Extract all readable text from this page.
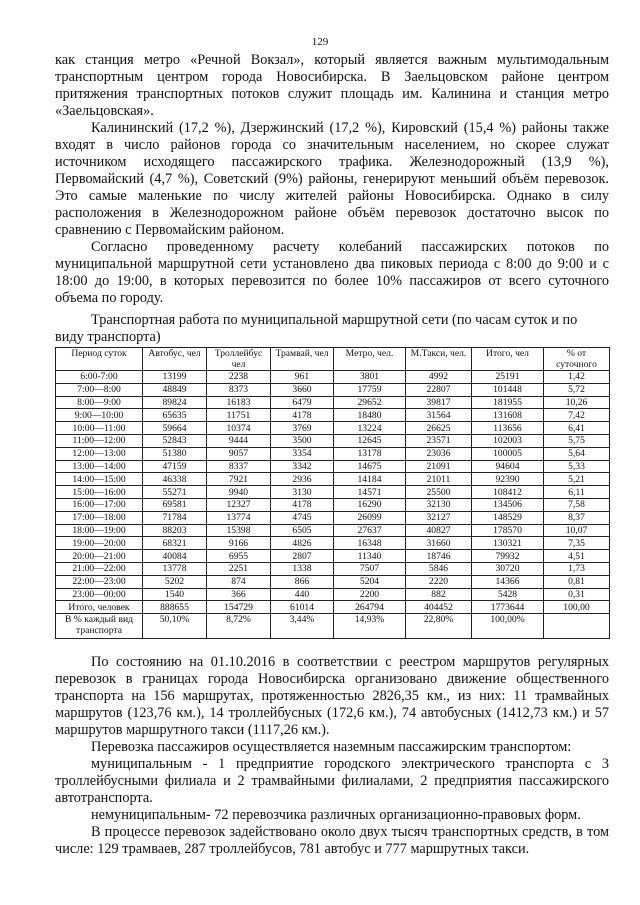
129

как станция метро «Речной Вокзал», который является важным мультимодальным транспортным центром города Новосибирска. В Заельцовском районе центром притяжения транспортных потоков служит площадь им. Калинина и станция метро «Заельцовская».

Калининский (17,2 %), Дзержинский (17,2 %), Кировский (15,4 %) районы также входят в число районов города со значительным населением, но скорее служат источником исходящего пассажирского трафика. Железнодорожный (13,9 %), Первомайский (4,7 %), Советский (9%) районы, генерируют меньший объём перевозок. Это самые маленькие по числу жителей районы Новосибирска. Однако в силу расположения в Железнодорожном районе объём перевозок достаточно высок по сравнению с Первомайским районом.

Согласно проведенному расчету колебаний пассажирских потоков по муниципальной маршрутной сети установлено два пиковых периода с 8:00 до 9:00 и с 18:00 до 19:00, в которых перевозится по более 10% пассажиров от всего суточного объема по городу.

Транспортная работа по муниципальной маршрутной сети (по часам суток и по виду транспорта)
Период суток	Автобус, чел	Троллейбус чел	Трамвай, чел	Метро, чел.	М.Такси, чел.	Итого, чел	% от суточного
6:00-7:00	13199	2238	961	3801	4992	25191	1,42
7:00—8:00	48849	8373	3660	17759	22807	101448	5,72
8:00—9:00	89824	16183	6479	29652	39817	181955	10,26
9:00—10:00	65635	11751	4178	18480	31564	131608	7,42
10:00—11:00	59664	10374	3769	13224	26625	113656	6,41
11:00—12:00	52843	9444	3500	12645	23571	102003	5,75
12:00—13:00	51380	9057	3354	13178	23036	100005	5,64
13:00—14:00	47159	8337	3342	14675	21091	94604	5,33
14:00—15:00	46338	7921	2936	14184	21011	92390	5,21
15:00—16:00	55271	9940	3130	14571	25500	108412	6,11
16:00—17:00	69581	12327	4178	16290	32130	134506	7,58
17:00—18:00	71784	13774	4745	26099	32127	148529	8,37
18:00—19:00	88203	15398	6505	27637	40827	178570	10,07
19:00—20:00	68321	9166	4826	16348	31660	130321	7,35
20:00—21:00	40084	6955	2807	11340	18746	79932	4,51
21:00—22:00	13778	2251	1338	7507	5846	30720	1,73
22:00—23:00	5202	874	866	5204	2220	14366	0,81
23:00—00:00	1540	366	440	2200	882	5428	0,31
Итого, человек	888655	154729	61014	264794	404452	1773644	100,00
В % каждый вид транспорта	50,10%	8,72%	3,44%	14,93%	22,80%	100,00%	

По состоянию на 01.10.2016 в соответствии с реестром маршрутов регулярных перевозок в границах города Новосибирска организовано движение общественного транспорта на 156 маршрутах, протяженностью 2826,35 км., из них: 11 трамвайных маршрутов (123,76 км.), 14 троллейбусных (172,6 км.), 74 автобусных (1412,73 км.) и 57 маршрутов маршрутного такси (1117,26 км.).

Перевозка пассажиров осуществляется наземным пассажирским транспортом:

муниципальным - 1 предприятие городского электрического транспорта с 3 троллейбусными филиала и 2 трамвайными филиалами, 2 предприятия пассажирского автотранспорта.

немуниципальным- 72 перевозчика различных организационно-правовых форм.

В процессе перевозок задействовано около двух тысяч транспортных средств, в том числе: 129 трамваев, 287 троллейбусов, 781 автобус и 777 маршрутных такси.
